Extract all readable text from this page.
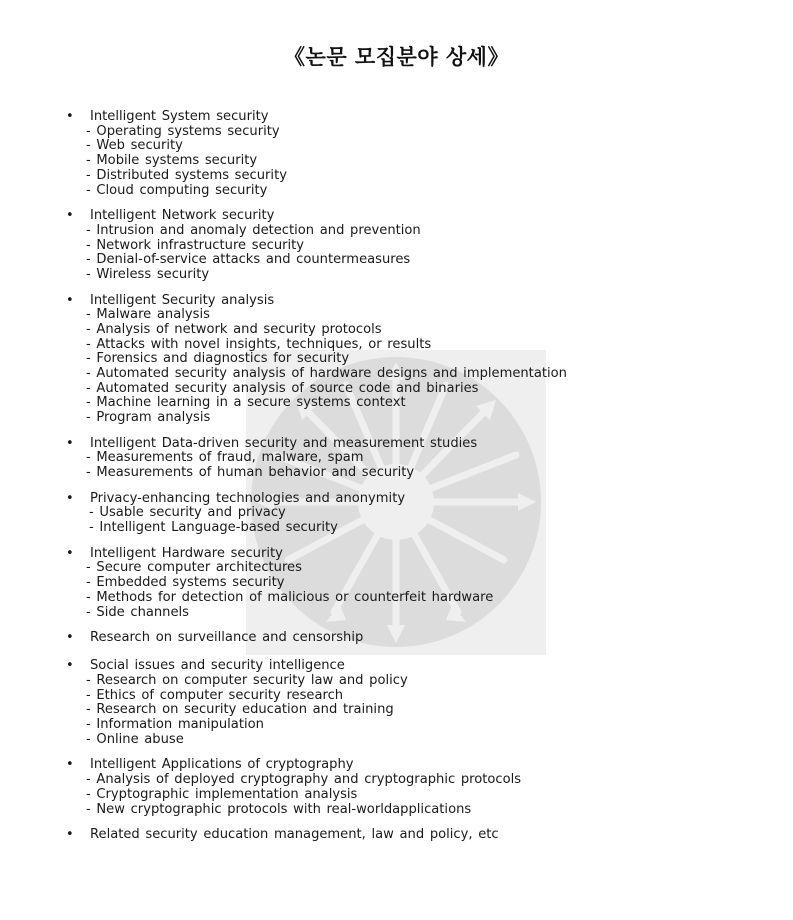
《논문 모집분야 상세》
• Intelligent System security
- Operating systems security
- Web security
- Mobile systems security
- Distributed systems security
- Cloud computing security
• Intelligent Network security
- Intrusion and anomaly detection and prevention
- Network infrastructure security
- Denial-of-service attacks and countermeasures
- Wireless security
• Intelligent Security analysis
- Malware analysis
- Analysis of network and security protocols
- Attacks with novel insights, techniques, or results
- Forensics and diagnostics for security
- Automated security analysis of hardware designs and implementation
- Automated security analysis of source code and binaries
- Machine learning in a secure systems context
- Program analysis
• Intelligent Data-driven security and measurement studies
- Measurements of fraud, malware, spam
- Measurements of human behavior and security
• Privacy-enhancing technologies and anonymity
- Usable security and privacy
- Intelligent Language-based security
• Intelligent Hardware security
- Secure computer architectures
- Embedded systems security
- Methods for detection of malicious or counterfeit hardware
- Side channels
• Research on surveillance and censorship
• Social issues and security intelligence
- Research on computer security law and policy
- Ethics of computer security research
- Research on security education and training
- Information manipulation
- Online abuse
• Intelligent Applications of cryptography
- Analysis of deployed cryptography and cryptographic protocols
- Cryptographic implementation analysis
- New cryptographic protocols with real-worldapplications
• Related security education management, law and policy, etc
